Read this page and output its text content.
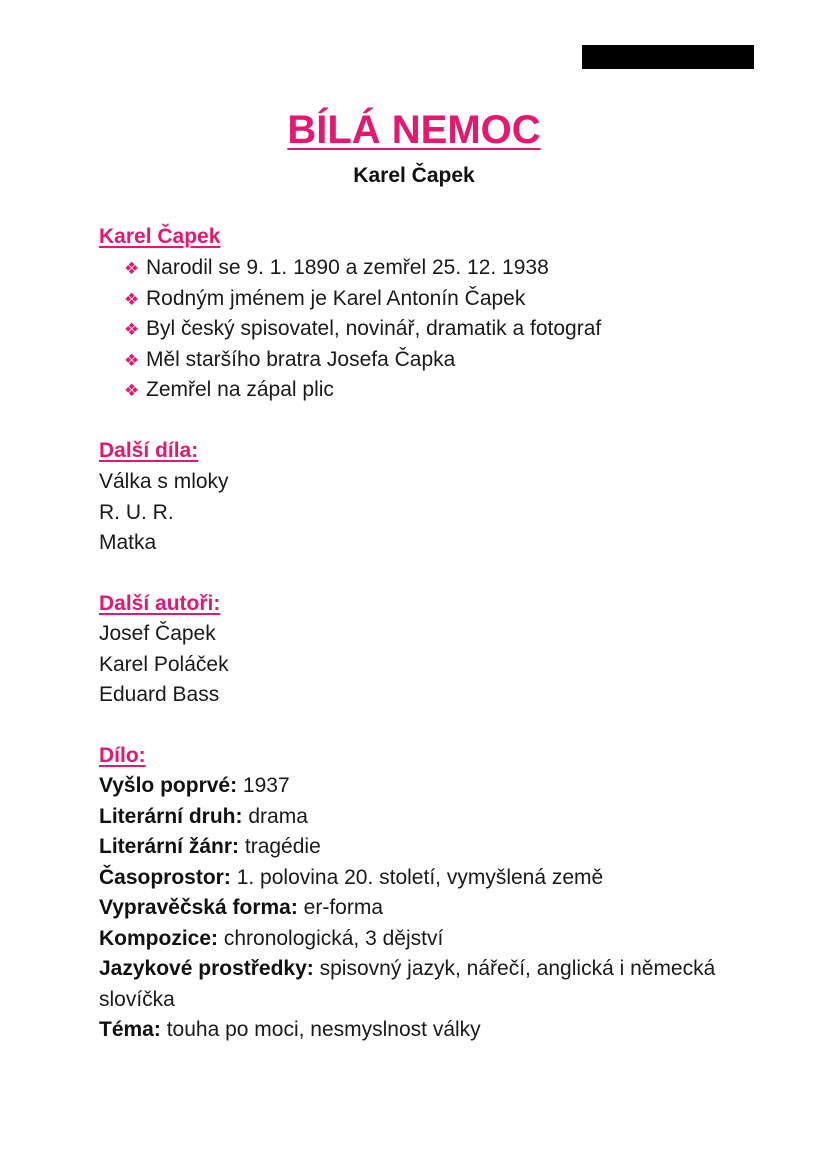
BÍLÁ NEMOC
Karel Čapek
Karel Čapek
❖ Narodil se 9. 1. 1890 a zemřel 25. 12. 1938
❖ Rodným jménem je Karel Antonín Čapek
❖ Byl český spisovatel, novinář, dramatik a fotograf
❖ Měl staršího bratra Josefa Čapka
❖ Zemřel na zápal plic
Další díla:
Válka s mloky
R. U. R.
Matka
Další autoři:
Josef Čapek
Karel Poláček
Eduard Bass
Dílo:
Vyšlo poprvé: 1937
Literární druh: drama
Literární žánr: tragédie
Časoprostor: 1. polovina 20. století, vymyšlená země
Vypravěčská forma: er-forma
Kompozice: chronologická, 3 dějství
Jazykové prostředky: spisovný jazyk, nářečí, anglická i německá slovíčka
Téma: touha po moci, nesmyslnost války
